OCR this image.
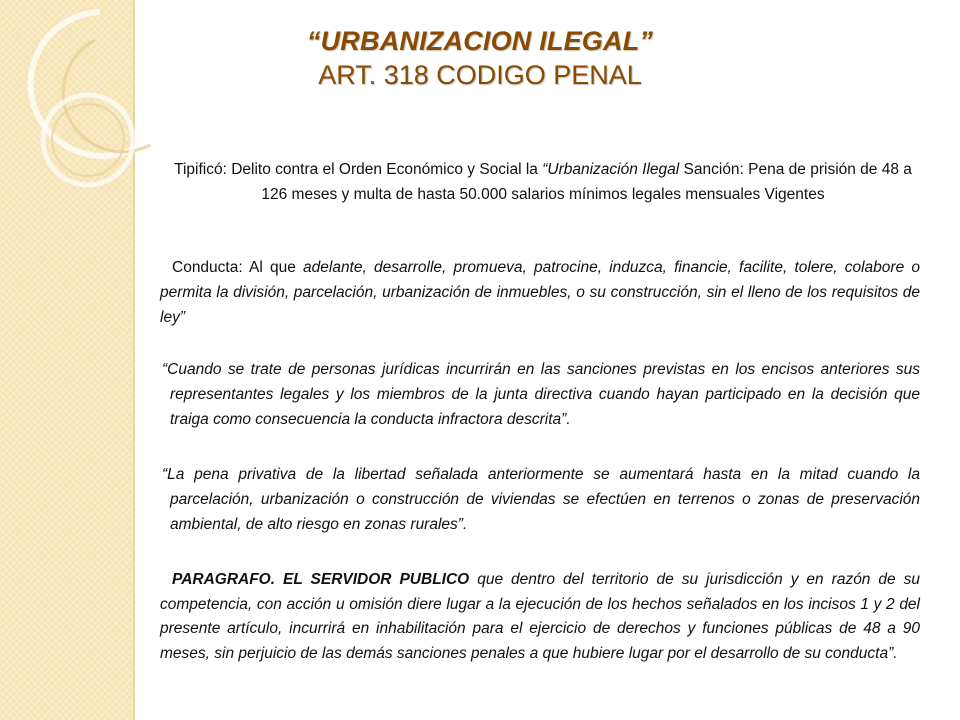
“URBANIZACION ILEGAL”
ART. 318 CODIGO PENAL
Tipificó: Delito contra el Orden Económico y Social la “Urbanización Ilegal Sanción: Pena de prisión de 48 a 126 meses y multa de hasta 50.000 salarios mínimos legales mensuales Vigentes
Conducta: Al que adelante, desarrolle, promueva, patrocine, induzca, financie, facilite, tolere, colabore o permita la división, parcelación, urbanización de inmuebles, o su construcción, sin el lleno de los requisitos de ley”
“Cuando se trate de personas jurídicas incurrirán en las sanciones previstas en los encisos anteriores sus representantes legales y los miembros de la junta directiva cuando hayan participado en la decisión que traiga como consecuencia la conducta infractora descrita”.
“La pena privativa de la libertad señalada anteriormente se aumentará hasta en la mitad cuando la parcelación, urbanización o construcción de viviendas se efectúen en terrenos o zonas de preservación ambiental, de alto riesgo en zonas rurales”.
PARAGRAFO. EL SERVIDOR PUBLICO que dentro del territorio de su jurisdicción y en razón de su competencia, con acción u omisión diere lugar a la ejecución de los hechos señalados en los incisos 1 y 2 del presente artículo, incurrirá en inhabilitación para el ejercicio de derechos y funciones públicas de 48 a 90 meses, sin perjuicio de las demás sanciones penales a que hubiere lugar por el desarrollo de su conducta”.
